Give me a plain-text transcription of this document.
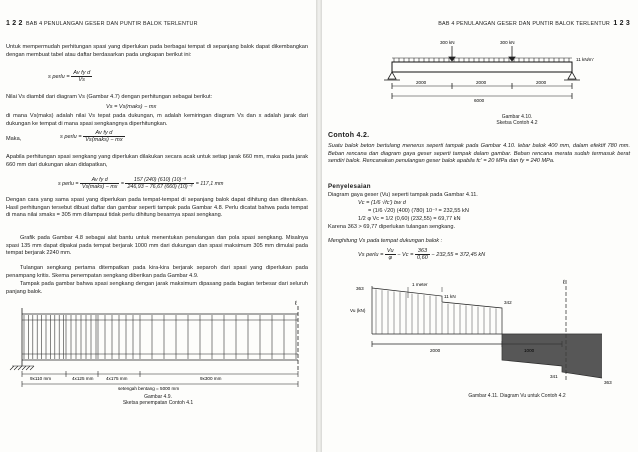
1 2 2 BAB 4 PENULANGAN GESER DAN PUNTIR BALOK TERLENTUR
Untuk mempermudah perhitungan spasi yang diperlukan pada berbagai tempat di sepanjang balok dapat dikembangkan dengan membuat tabel atau daftar berdasarkan pada ungkapan berikut ini:
s perlu = $\frac{\text{Av fy d}}{Vs}$
Nilai Vs diambil dari diagram Vs (Gambar 4.7) dengan perhitungan sebagai berikut:
Vs = Vs(maks) − mx
di mana Vs(maks) adalah nilai Vs tepat pada dukungan, m adalah kemiringan diagram Vs dan x adalah jarak dari dukungan ke tempat di mana spasi sengkangnya diperhitungkan.
Maka,	s perlu = $\frac{\text{Av fy d}}{\text{Vs(maks) − mx}}$
Apabila perhitungan spasi sengkang yang diperlukan dilakukan secara acak untuk setiap jarak 660 mm, maka pada jarak 660 mm dari dukungan akan didapatkan,
s perlu = $\frac{\text{Av fy d}}{\text{Vs(maks) − mx}} = \frac{\text{157 (240) (610) (10)⁻³}}{\text{246,93 − 76,67 (660) (10)⁻³}} = 117,1$ mm
Dengan cara yang sama spasi yang diperlukan pada tempat-tempat di sepanjang balok dapat dihitung dan ditentukan. Hasil perhitungan tersebut dibuat daftar dan gambar seperti tampak pada Gambar 4.8. Perlu dicatat bahwa pada tempat di mana nilai smaks = 305 mm dilampaui tidak perlu dihitung besarnya spasi sengkang.
Grafik pada Gambar 4.8 sebagai alat bantu untuk menentukan penulangan dan pola spasi sengkang. Misalnya spasi 135 mm dapat dipakai pada tempat berjarak 1000 mm dari dukungan dan spasi maksimum 305 mm dimulai pada tempat berjarak 2240 mm.
Tulangan sengkang pertama ditempatkan pada kira-kira berjarak separoh dari spasi yang diperlukan pada penampang kritis. Skema penempatan sengkang diberikan pada Gambar 4.9.
Tampak pada gambar bahwa spasi sengkang dengan jarak maksimum dipasang pada bagian terbesar dari seluruh panjang balok.
9x110 mm	4x125 mm	4x175 mm	9x300 mm
setengah bentang = 5000 mm
ℓ
Gambar 4.9.
Sketsa penempatan Contoh 4.1
BAB 4 PENULANGAN GESER DAN PUNTIR BALOK TERLENTUR 1 2 3
300 kN	300 kN
11 kN/m'
2000	2000	2000
6000
Gambar 4.10.
Sketsa Contoh 4.2
Contoh 4.2.
Suatu balok beton bertulang menerus seperti tampak pada Gambar 4.10. lebar balok 400 mm, dalam efektif 780 mm. Beban rencana dan diagram gaya geser seperti tampak dalam gambar. Beban rencana merata sudah termasuk berat sendiri balok. Rencanakan penulangan geser balok apabila fc' = 20 MPa dan fy = 240 MPa.
Penyelesaian
Diagram gaya geser (Vu) seperti tampak pada Gambar 4.11.
Vc = (1/6 √fc') bw d
= (1/6 √20) (400) (780) 10⁻³ = 232,55 kN
1/2 φ Vc = 1/2 (0,60) (232,55) = 69,77 kN
Karena 363 > 69,77 diperlukan tulangan sengkang.
Menghitung Vs pada tempat dukungan balok :
Vs perlu = $\frac{Vu}{\varphi} - Vc = \frac{363}{0,60} - 232,55 = 372,45$ kN
363
1 meter
11 kN
342
Vu (kN)
2000	1000
341
363
ℓ
Gambar 4.11. Diagram Vu untuk Contoh 4.2
